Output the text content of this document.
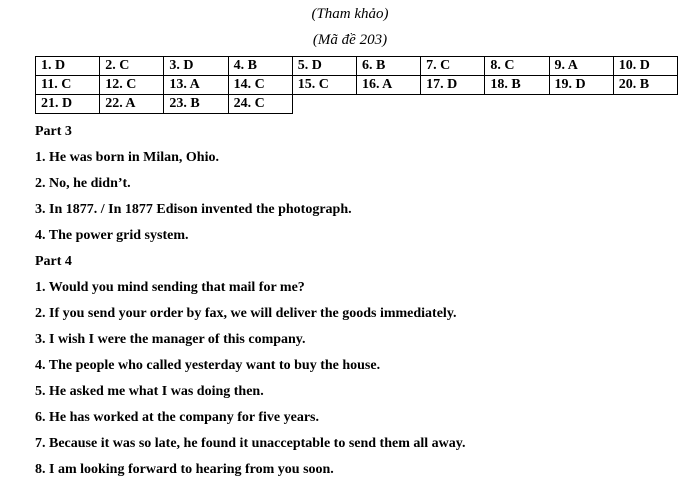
(Tham khảo)
(Mã đề 203)
1. D	2. C	3. D	4. B	5. D	6. B	7. C	8. C	9. A	10. D
11. C	12. C	13. A	14. C	15. C	16. A	17. D	18. B	19. D	20. B
21. D	22. A	23. B	24. C						
Part 3
1. He was born in Milan, Ohio.
2. No, he didn’t.
3. In 1877. / In 1877 Edison invented the photograph.
4. The power grid system.
Part 4
1. Would you mind sending that mail for me?
2. If you send your order by fax, we will deliver the goods immediately.
3. I wish I were the manager of this company.
4. The people who called yesterday want to buy the house.
5. He asked me what I was doing then.
6. He has worked at the company for five years.
7. Because it was so late, he found it unacceptable to send them all away.
8. I am looking forward to hearing from you soon.
